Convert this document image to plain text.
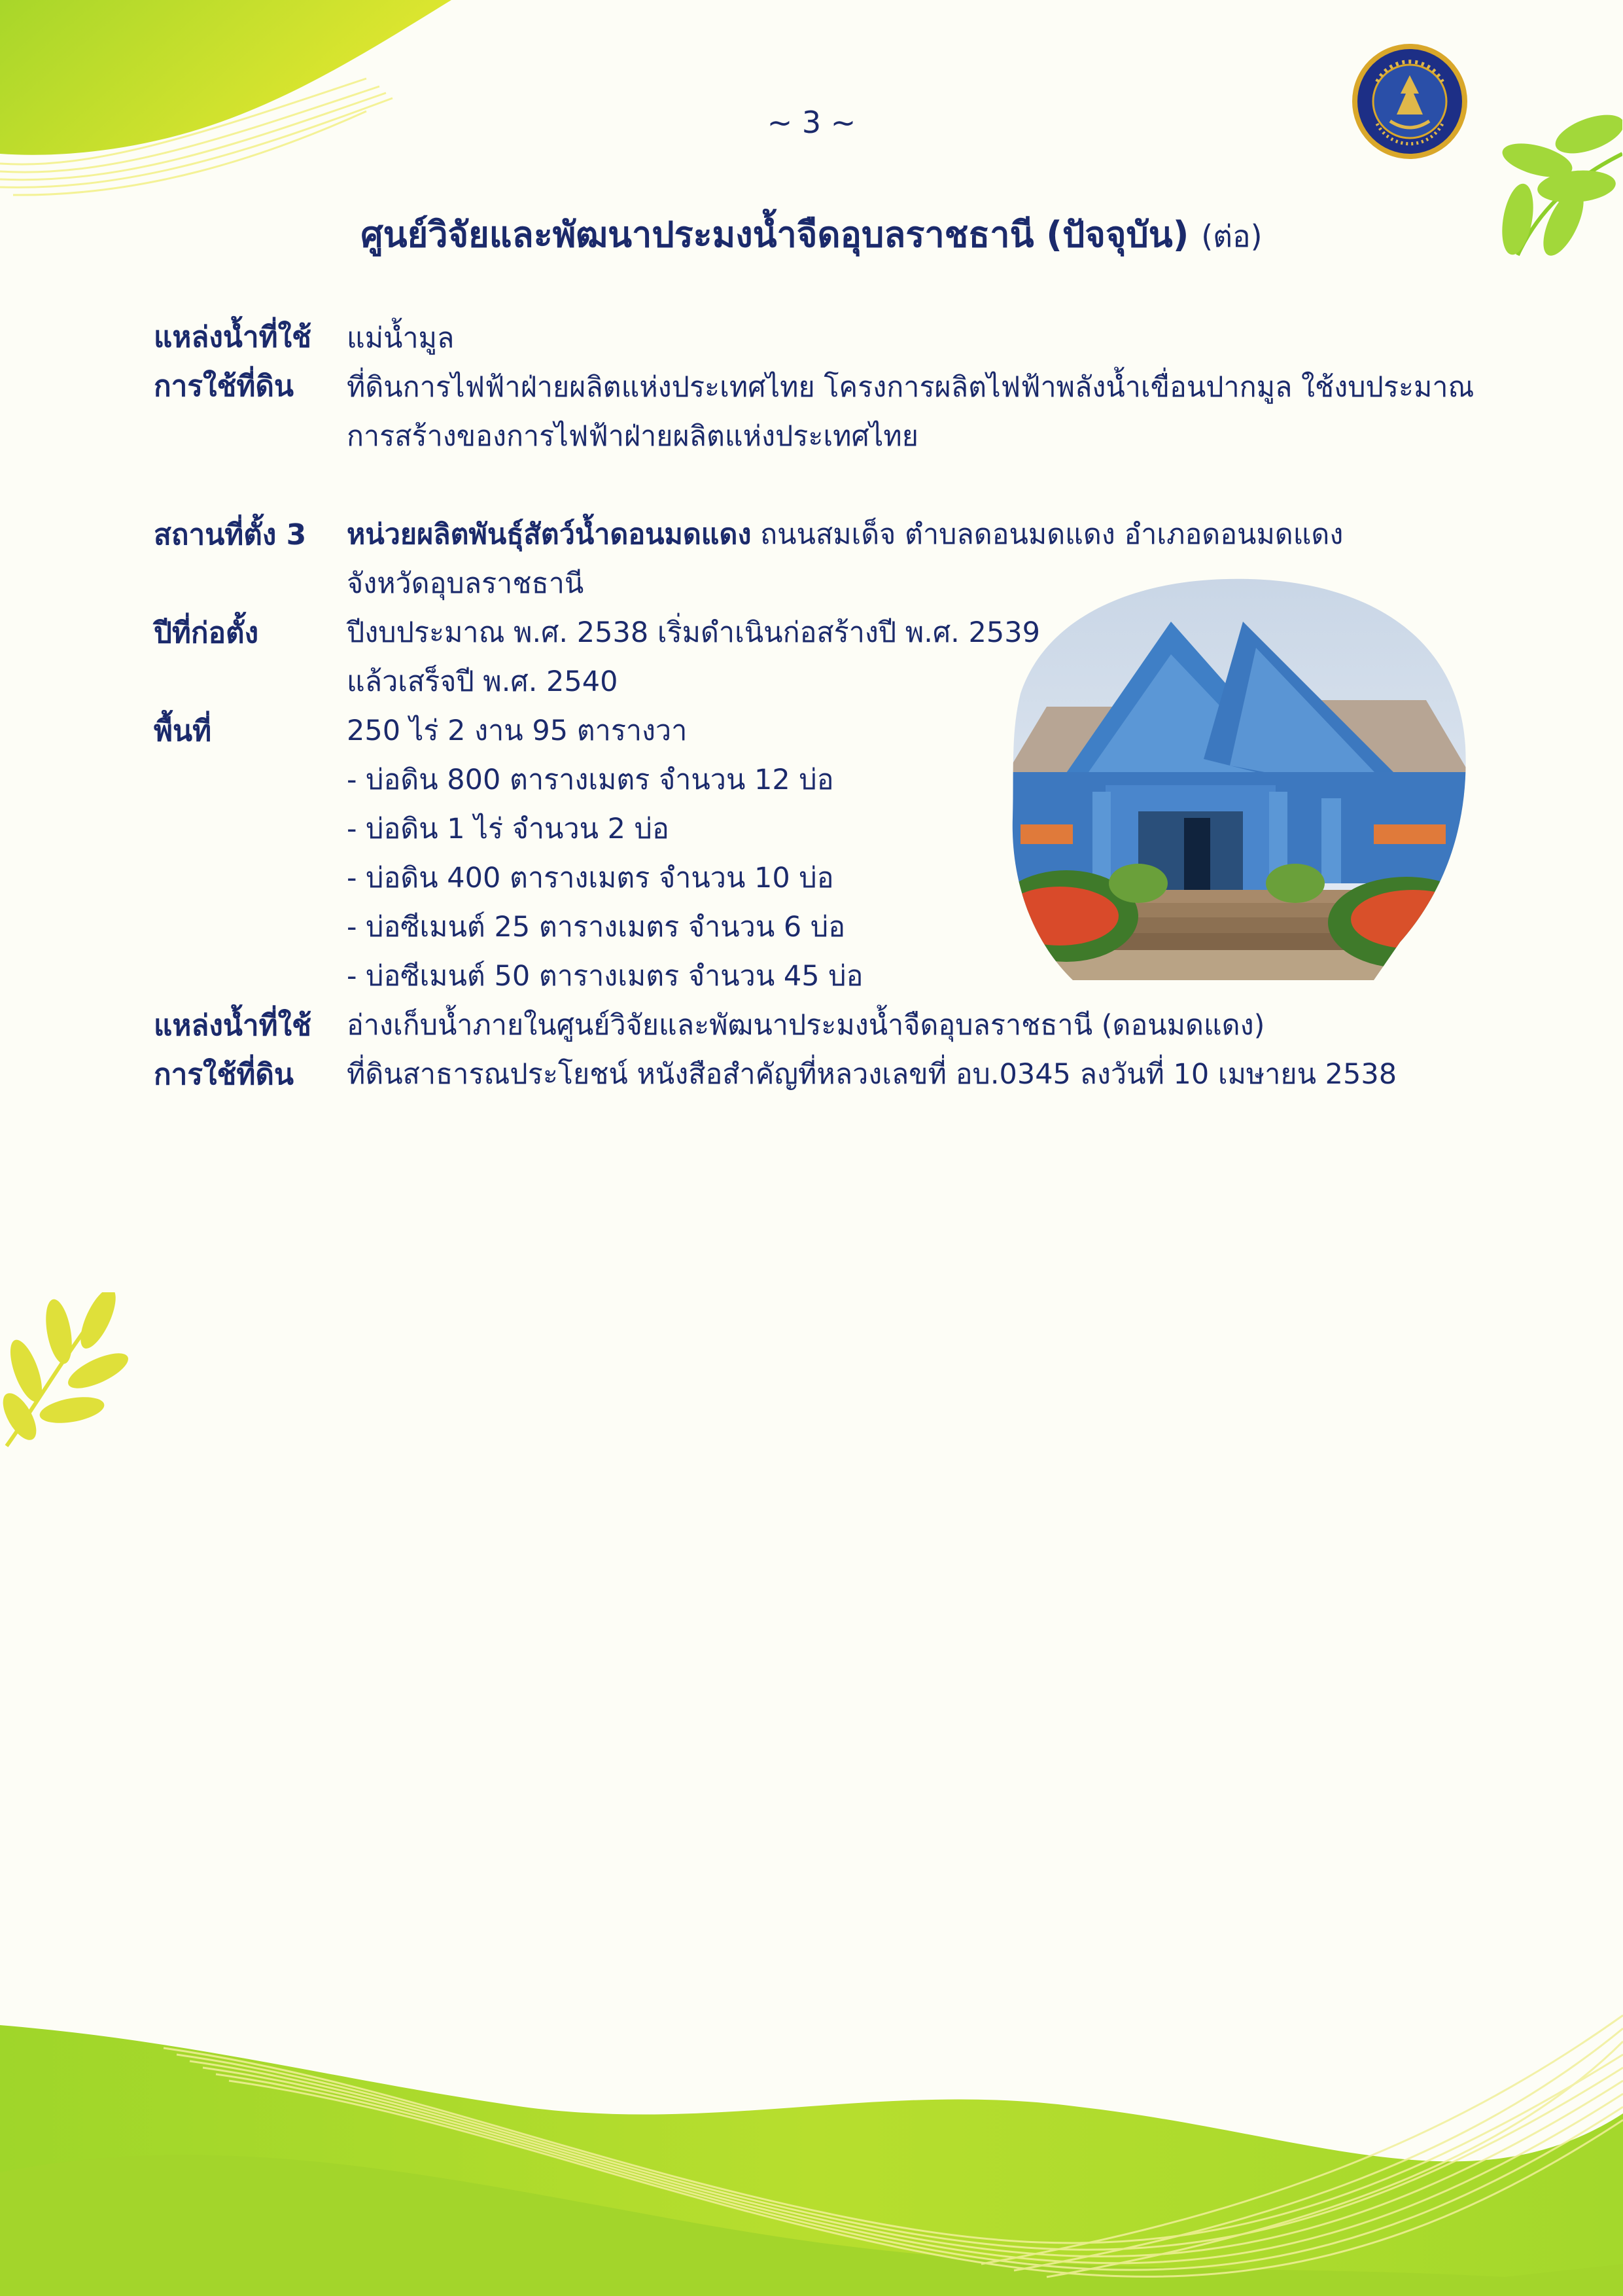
~ 3 ~
ศูนย์วิจัยและพัฒนาประมงน้ำจืดอุบลราชธานี (ปัจจุบัน) (ต่อ)
แหล่งน้ำที่ใช้ แม่น้ำมูล
การใช้ที่ดิน ที่ดินการไฟฟ้าฝ่ายผลิตแห่งประเทศไทย โครงการผลิตไฟฟ้าพลังน้ำเขื่อนปากมูล ใช้งบประมาณ
การสร้างของการไฟฟ้าฝ่ายผลิตแห่งประเทศไทย
สถานที่ตั้ง 3 หน่วยผลิตพันธุ์สัตว์น้ำดอนมดแดง ถนนสมเด็จ ตำบลดอนมดแดง อำเภอดอนมดแดง
จังหวัดอุบลราชธานี
ปีที่ก่อตั้ง	ปีงบประมาณ พ.ศ. 2538 เริ่มดำเนินก่อสร้างปี พ.ศ. 2539
แล้วเสร็จปี พ.ศ. 2540
พื้นที่	250 ไร่ 2 งาน 95 ตารางวา
- บ่อดิน 800 ตารางเมตร จำนวน 12 บ่อ
- บ่อดิน 1 ไร่ จำนวน 2 บ่อ
- บ่อดิน 400 ตารางเมตร จำนวน 10 บ่อ
- บ่อซีเมนต์ 25 ตารางเมตร จำนวน 6 บ่อ
- บ่อซีเมนต์ 50 ตารางเมตร จำนวน 45 บ่อ
แหล่งน้ำที่ใช้ อ่างเก็บน้ำภายในศูนย์วิจัยและพัฒนาประมงน้ำจืดอุบลราชธานี (ดอนมดแดง)
การใช้ที่ดิน ที่ดินสาธารณประโยชน์ หนังสือสำคัญที่หลวงเลขที่ อบ.0345 ลงวันที่ 10 เมษายน 2538
